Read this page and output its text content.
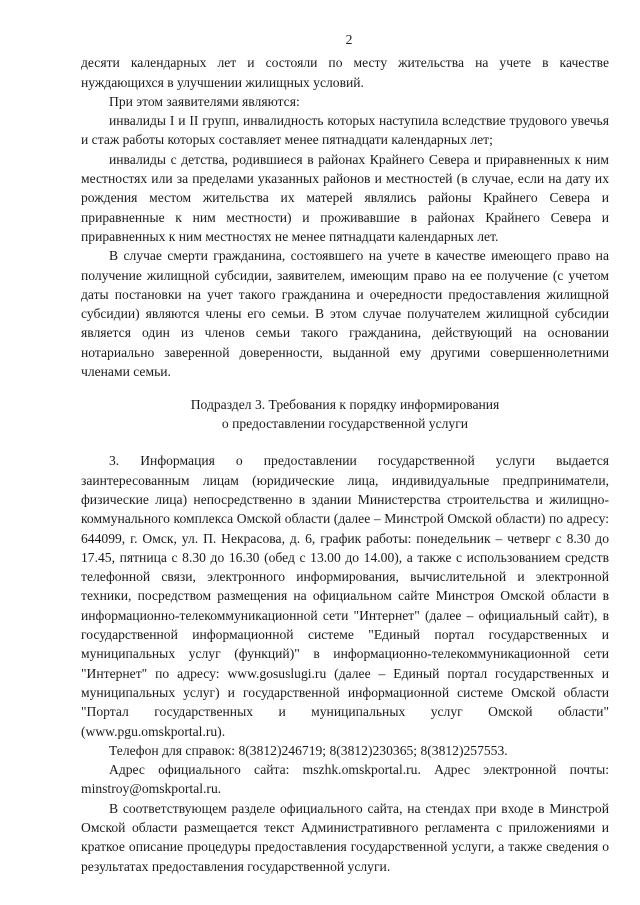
2

десяти календарных лет и состояли по месту жительства на учете в качестве нуждающихся в улучшении жилищных условий.

При этом заявителями являются:

инвалиды I и II групп, инвалидность которых наступила вследствие трудового увечья и стаж работы которых составляет менее пятнадцати календарных лет;

инвалиды с детства, родившиеся в районах Крайнего Севера и приравненных к ним местностях или за пределами указанных районов и местностей (в случае, если на дату их рождения местом жительства их матерей являлись районы Крайнего Севера и приравненные к ним местности) и проживавшие в районах Крайнего Севера и приравненных к ним местностях не менее пятнадцати календарных лет.

В случае смерти гражданина, состоявшего на учете в качестве имеющего право на получение жилищной субсидии, заявителем, имеющим право на ее получение (с учетом даты постановки на учет такого гражданина и очередности предоставления жилищной субсидии) являются члены его семьи. В этом случае получателем жилищной субсидии является один из членов семьи такого гражданина, действующий на основании нотариально заверенной доверенности, выданной ему другими совершеннолетними членами семьи.

Подраздел 3. Требования к порядку информирования
о предоставлении государственной услуги

3. Информация о предоставлении государственной услуги выдается заинтересованным лицам (юридические лица, индивидуальные предприниматели, физические лица) непосредственно в здании Министерства строительства и жилищно-коммунального комплекса Омской области (далее – Минстрой Омской области) по адресу: 644099, г. Омск, ул. П. Некрасова, д. 6, график работы: понедельник – четверг с 8.30 до 17.45, пятница с 8.30 до 16.30 (обед с 13.00 до 14.00), а также с использованием средств телефонной связи, электронного информирования, вычислительной и электронной техники, посредством размещения на официальном сайте Минстроя Омской области в информационно-телекоммуникационной сети "Интернет" (далее – официальный сайт), в государственной информационной системе "Единый портал государственных и муниципальных услуг (функций)" в информационно-телекоммуникационной сети "Интернет" по адресу: www.gosuslugi.ru (далее – Единый портал государственных и муниципальных услуг) и государственной информационной системе Омской области "Портал государственных и муниципальных услуг Омской области" (www.pgu.omskportal.ru).

Телефон для справок: 8(3812)246719; 8(3812)230365; 8(3812)257553.

Адрес официального сайта: mszhk.omskportal.ru. Адрес электронной почты: minstroy@omskportal.ru.

В соответствующем разделе официального сайта, на стендах при входе в Минстрой Омской области размещается текст Административного регламента с приложениями и краткое описание процедуры предоставления государственной услуги, а также сведения о результатах предоставления государственной услуги.
